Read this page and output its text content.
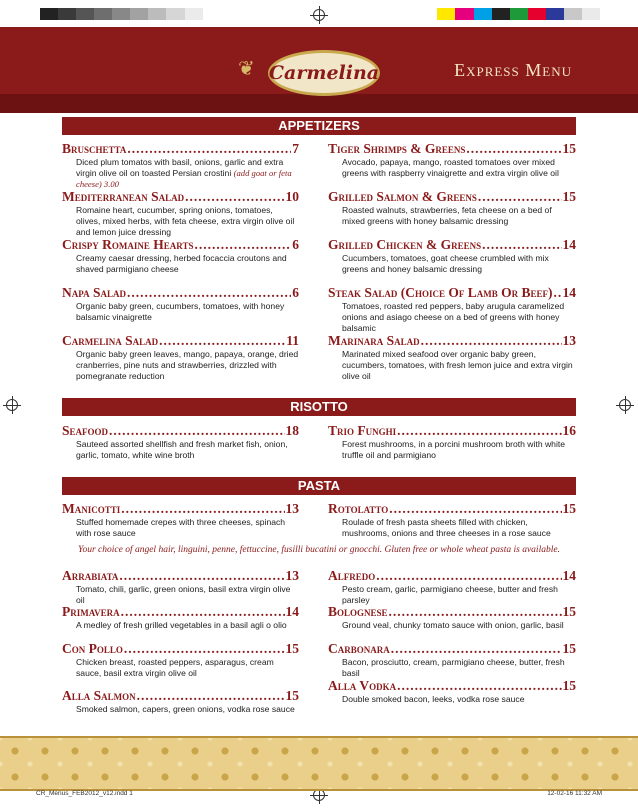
❦ Carmelina	Express Menu
APPETIZERS
Bruschetta .....	7
Diced plum tomatos with basil, onions, garlic and extra virgin olive oil on toasted Persian crostini (add goat or feta cheese) 3.00
Mediterranean Salad .....	10
Romaine heart, cucumber, spring onions, tomatoes, olives, mixed herbs, with feta cheese, extra virgin olive oil and lemon juice dressing
Crispy Romaine Hearts .....	6
Creamy caesar dressing, herbed focaccia croutons and shaved parmigiano cheese
Napa Salad .....	6
Organic baby green, cucumbers, tomatoes, with honey balsamic vinaigrette
Carmelina Salad .....	11
Organic baby green leaves, mango, papaya, orange, dried cranberries, pine nuts and strawberries, drizzled with pomegranate reduction
Tiger Shrimps & Greens .....	15
Avocado, papaya, mango, roasted tomatoes over mixed greens with raspberry vinaigrette and extra virgin olive oil
Grilled Salmon & Greens .....	15
Roasted walnuts, strawberries, feta cheese on a bed of mixed greens with honey balsamic dressing
Grilled Chicken & Greens .....	14
Cucumbers, tomatoes, goat cheese crumbled with mix greens and honey balsamic dressing
Steak Salad (Choice Of Lamb Or Beef) ..... 14
Tomatoes, roasted red peppers, baby arugula caramelized onions and asiago cheese on a bed of greens with honey balsamic
Marinara Salad .....	13
Marinated mixed seafood over organic baby green, cucumbers, tomatoes, with fresh lemon juice and extra virgin olive oil
RISOTTO
Seafood .....	18
Sauteed assorted shellfish and fresh market fish, onion, garlic, tomato, white wine broth
Trio Funghi .....	16
Forest mushrooms, in a porcini mushroom broth with white truffle oil and parmigiano
PASTA
Manicotti .....	13
Stuffed homemade crepes with three cheeses, spinach with rose sauce
Rotolatto .....	15
Roulade of fresh pasta sheets filled with chicken, mushrooms, onions and three cheeses in a rose sauce
Your choice of angel hair, linguini, penne, fettuccine, fusilli bucatini or gnocchi. Gluten free or whole wheat pasta is available.
Arrabiata .....	13
Tomato, chili, garlic, green onions, basil extra virgin olive oil
Primavera .....	14
A medley of fresh grilled vegetables in a basil agli o olio
Con Pollo .....	15
Chicken breast, roasted peppers, asparagus, cream sauce, basil extra virgin olive oil
Alla Salmon .....	15
Smoked salmon, capers, green onions, vodka rose sauce
Alfredo .....	14
Pesto cream, garlic, parmigiano cheese, butter and fresh parsley
Bolognese .....	15
Ground veal, chunky tomato sauce with onion, garlic, basil
Carbonara .....	15
Bacon, prosciutto, cream, parmigiano cheese, butter, fresh basil
Alla Vodka .....	15
Double smoked bacon, leeks, vodka rose sauce
CR_Menus_FEB2012_v12.indd 1	12-02-16 11:32 AM
